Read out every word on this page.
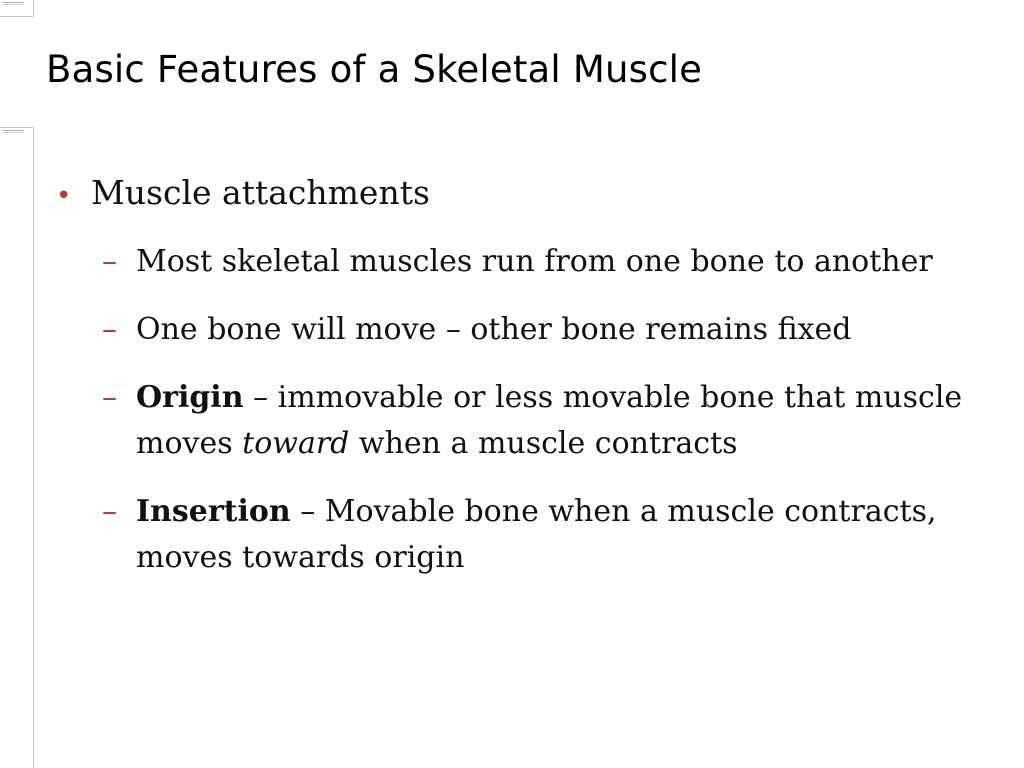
Basic Features of a Skeletal Muscle
• Muscle attachments
– Most skeletal muscles run from one bone to another
– One bone will move – other bone remains fixed
– Origin – immovable or less movable bone that muscle moves toward when a muscle contracts
– Insertion – Movable bone when a muscle contracts, moves towards origin
